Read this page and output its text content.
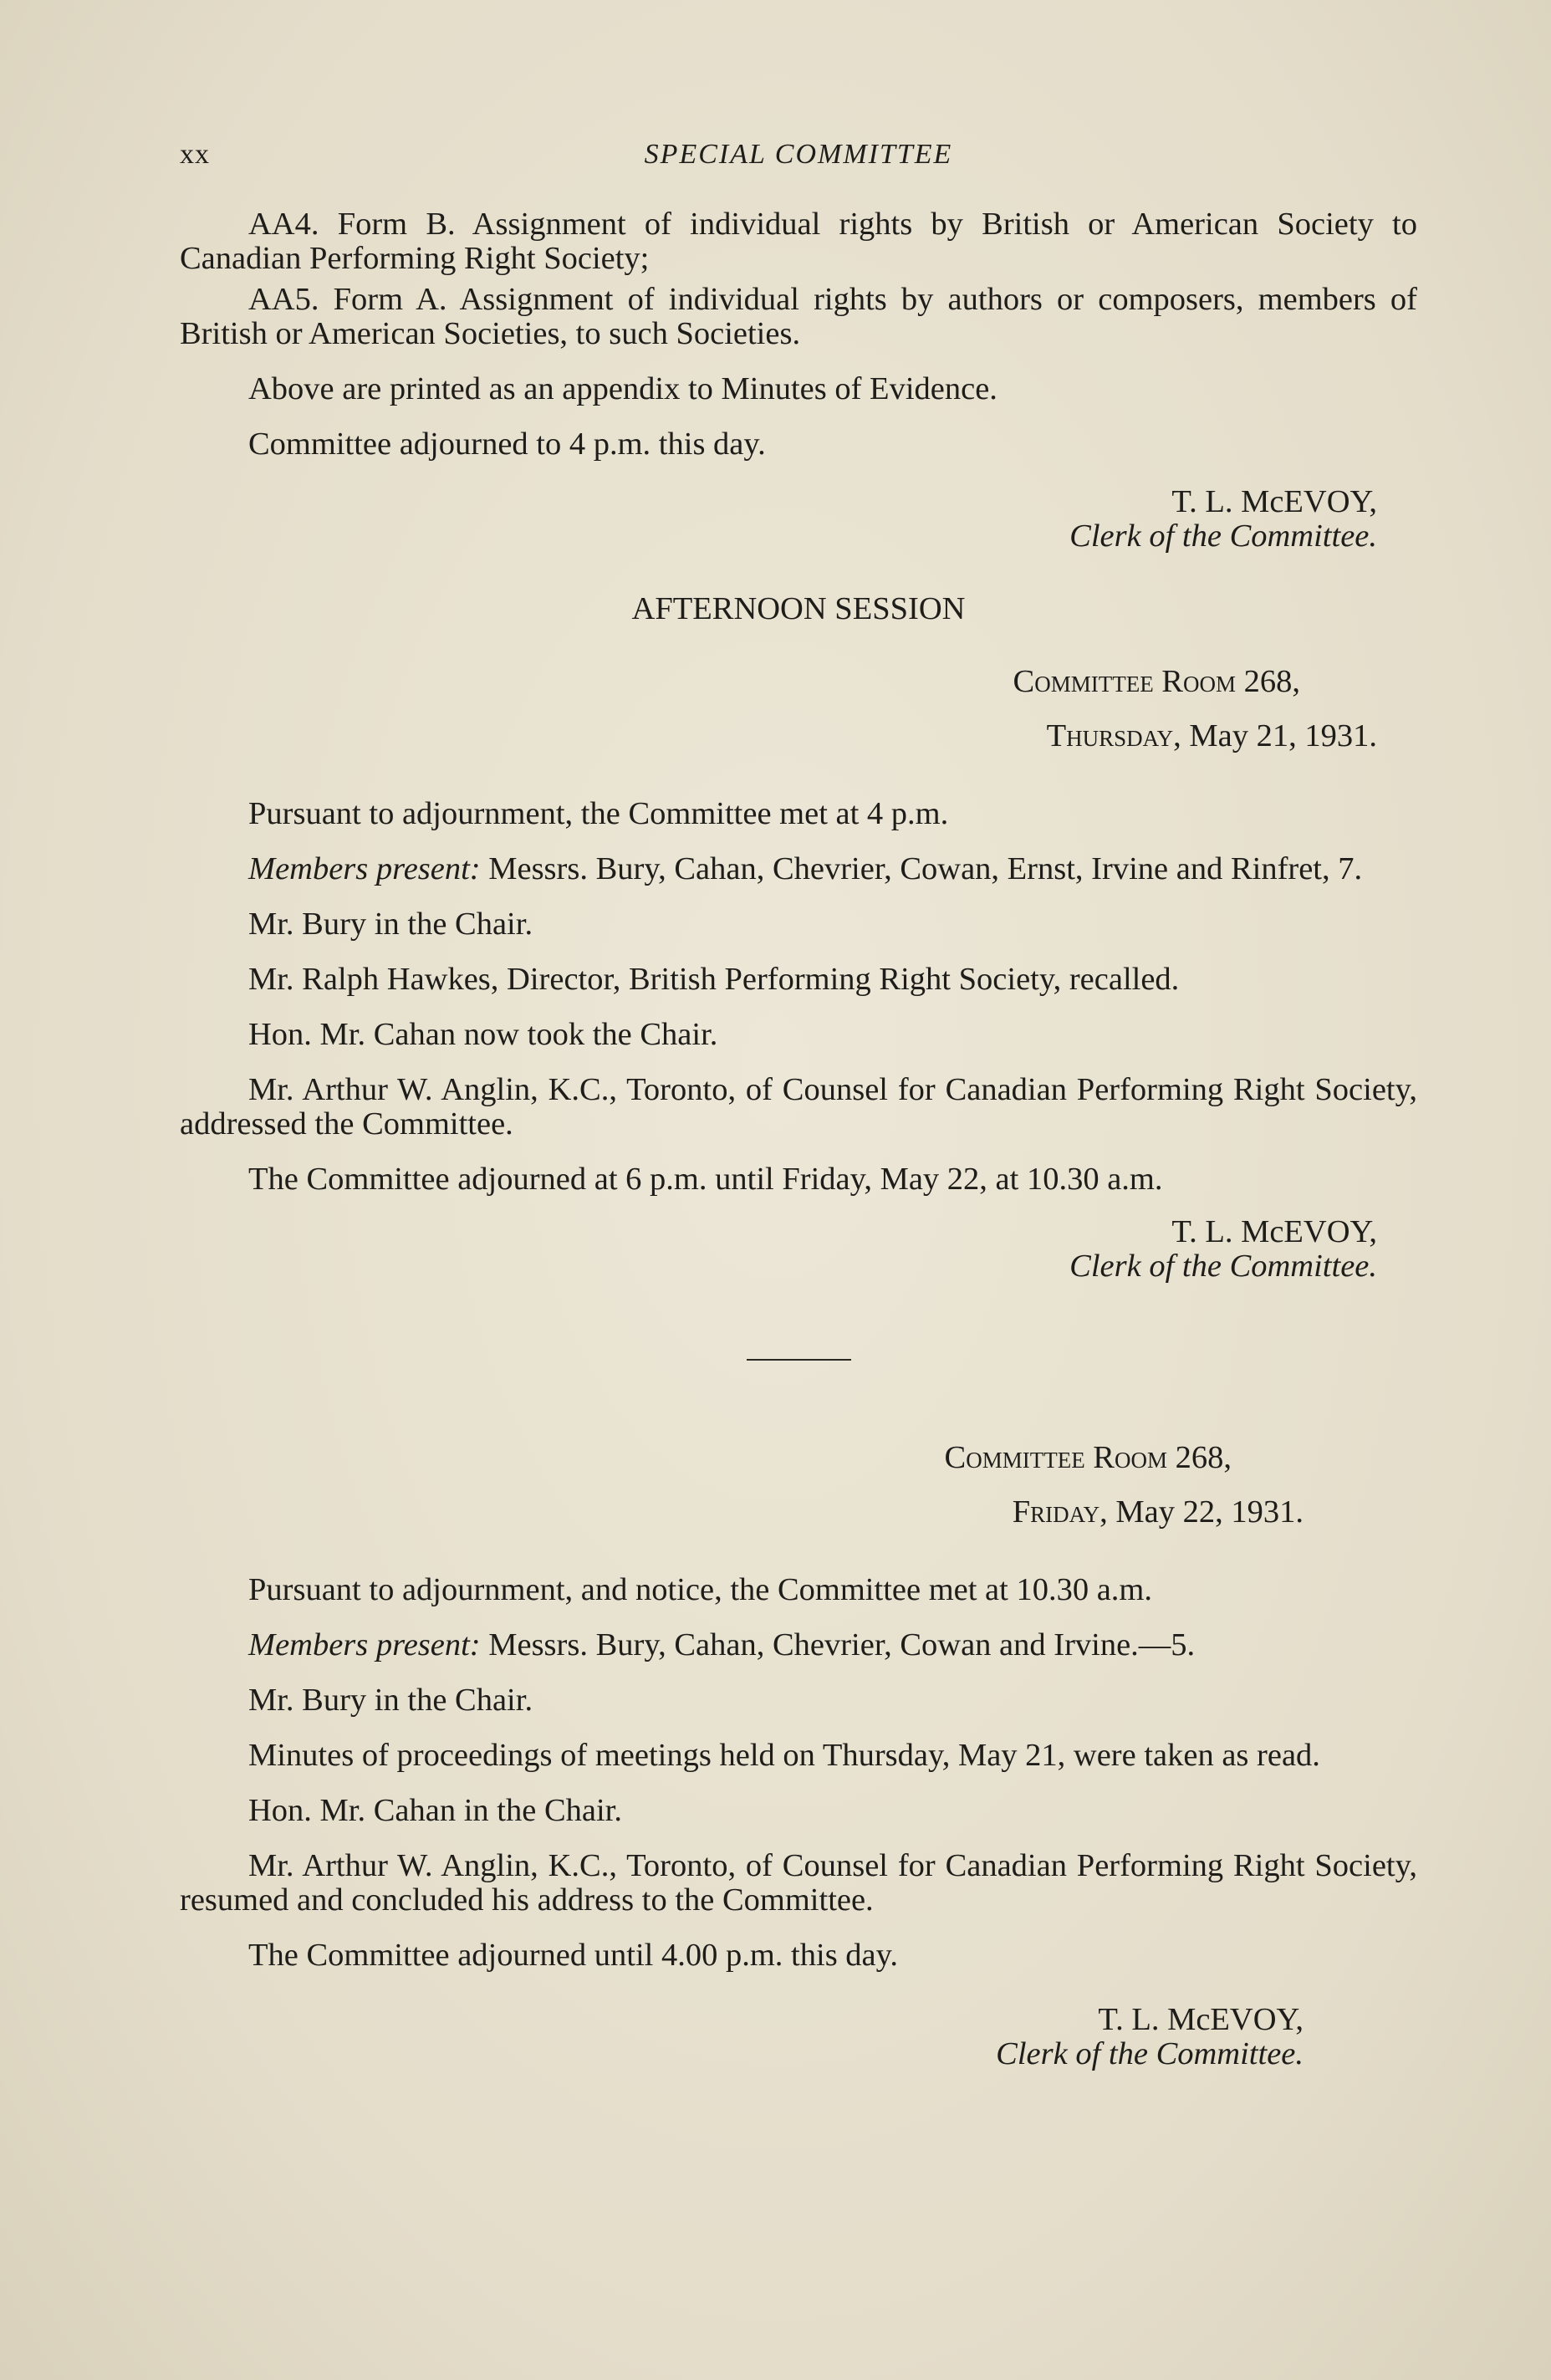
xx	SPECIAL COMMITTEE

AA4. Form B. Assignment of individual rights by British or American Society to Canadian Performing Right Society;

AA5. Form A. Assignment of individual rights by authors or composers, members of British or American Societies, to such Societies.

Above are printed as an appendix to Minutes of Evidence.

Committee adjourned to 4 p.m. this day.

T. L. McEVOY,

Clerk of the Committee.

AFTERNOON SESSION

Committee Room 268,

Thursday, May 21, 1931.

Pursuant to adjournment, the Committee met at 4 p.m.

Members present: Messrs. Bury, Cahan, Chevrier, Cowan, Ernst, Irvine and Rinfret, 7.

Mr. Bury in the Chair.

Mr. Ralph Hawkes, Director, British Performing Right Society, recalled.

Hon. Mr. Cahan now took the Chair.

Mr. Arthur W. Anglin, K.C., Toronto, of Counsel for Canadian Performing Right Society, addressed the Committee.

The Committee adjourned at 6 p.m. until Friday, May 22, at 10.30 a.m.

T. L. McEVOY,

Clerk of the Committee.

Committee Room 268,

Friday, May 22, 1931.

Pursuant to adjournment, and notice, the Committee met at 10.30 a.m.

Members present: Messrs. Bury, Cahan, Chevrier, Cowan and Irvine.—5.

Mr. Bury in the Chair.

Minutes of proceedings of meetings held on Thursday, May 21, were taken as read.

Hon. Mr. Cahan in the Chair.

Mr. Arthur W. Anglin, K.C., Toronto, of Counsel for Canadian Performing Right Society, resumed and concluded his address to the Committee.

The Committee adjourned until 4.00 p.m. this day.

T. L. McEVOY,

Clerk of the Committee.
